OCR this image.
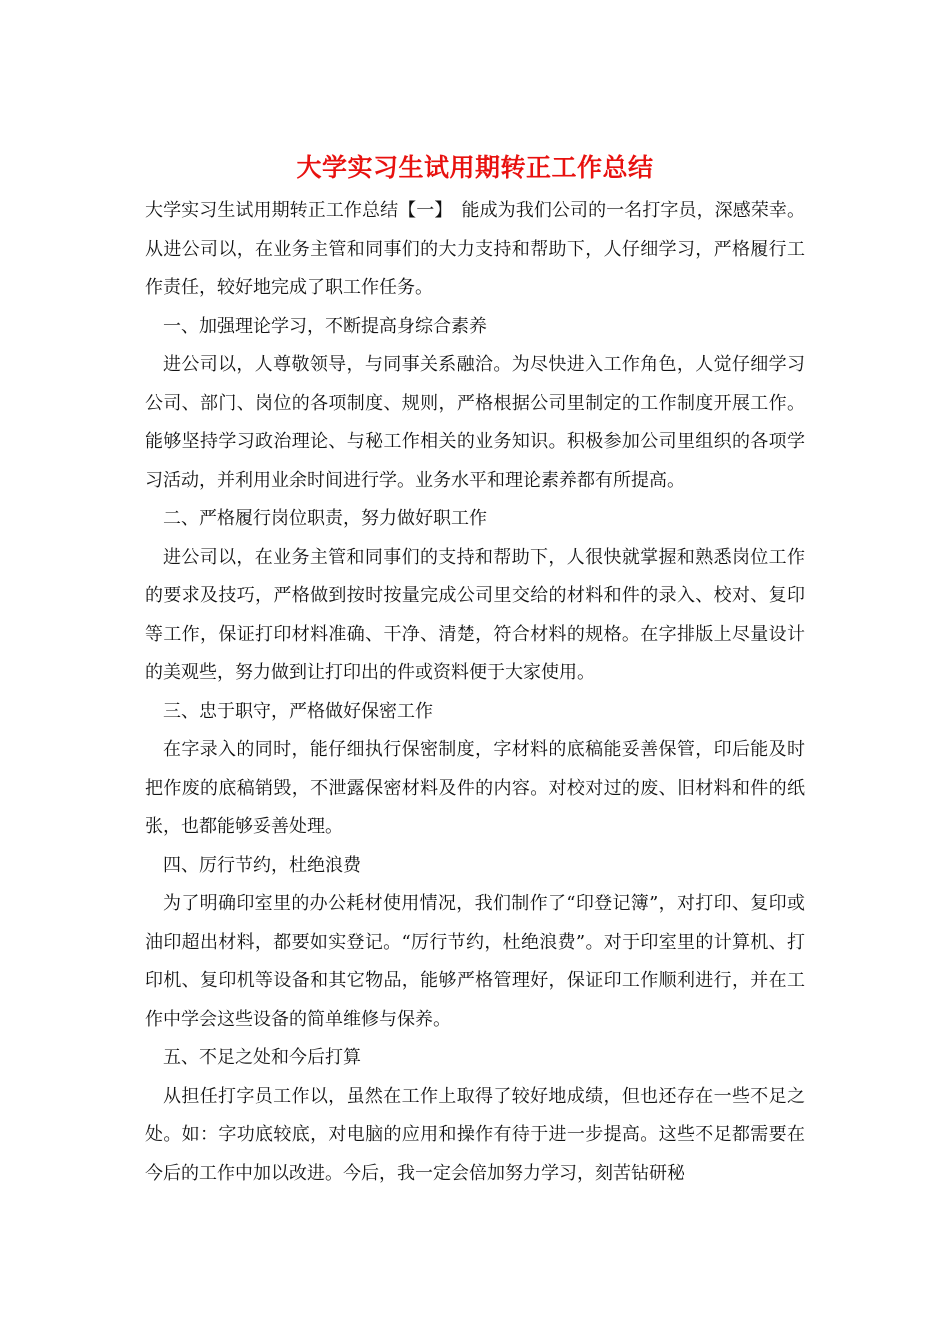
大学实习生试用期转正工作总结

大学实习生试用期转正工作总结【一】　能成为我们公司的一名打字员，深感荣幸。从进公司以，在业务主管和同事们的大力支持和帮助下，人仔细学习，严格履行工作责任，较好地完成了职工作任务。

一、加强理论学习，不断提高身综合素养

进公司以，人尊敬领导，与同事关系融洽。为尽快进入工作角色，人觉仔细学习公司、部门、岗位的各项制度、规则，严格根据公司里制定的工作制度开展工作。能够坚持学习政治理论、与秘工作相关的业务知识。积极参加公司里组织的各项学习活动，并利用业余时间进行学。业务水平和理论素养都有所提高。

二、严格履行岗位职责，努力做好职工作

进公司以，在业务主管和同事们的支持和帮助下，人很快就掌握和熟悉岗位工作的要求及技巧，严格做到按时按量完成公司里交给的材料和件的录入、校对、复印等工作，保证打印材料准确、干净、清楚，符合材料的规格。在字排版上尽量设计的美观些，努力做到让打印出的件或资料便于大家使用。

三、忠于职守，严格做好保密工作

在字录入的同时，能仔细执行保密制度，字材料的底稿能妥善保管，印后能及时把作废的底稿销毁，不泄露保密材料及件的内容。对校对过的废、旧材料和件的纸张，也都能够妥善处理。

四、厉行节约，杜绝浪费

为了明确印室里的办公耗材使用情况，我们制作了“印登记簿”，对打印、复印或油印超出材料，都要如实登记。“厉行节约，杜绝浪费”。对于印室里的计算机、打印机、复印机等设备和其它物品，能够严格管理好，保证印工作顺利进行，并在工作中学会这些设备的简单维修与保养。

五、不足之处和今后打算

从担任打字员工作以，虽然在工作上取得了较好地成绩，但也还存在一些不足之处。如：字功底较底，对电脑的应用和操作有待于进一步提高。这些不足都需要在今后的工作中加以改进。今后，我一定会倍加努力学习，刻苦钻研秘
